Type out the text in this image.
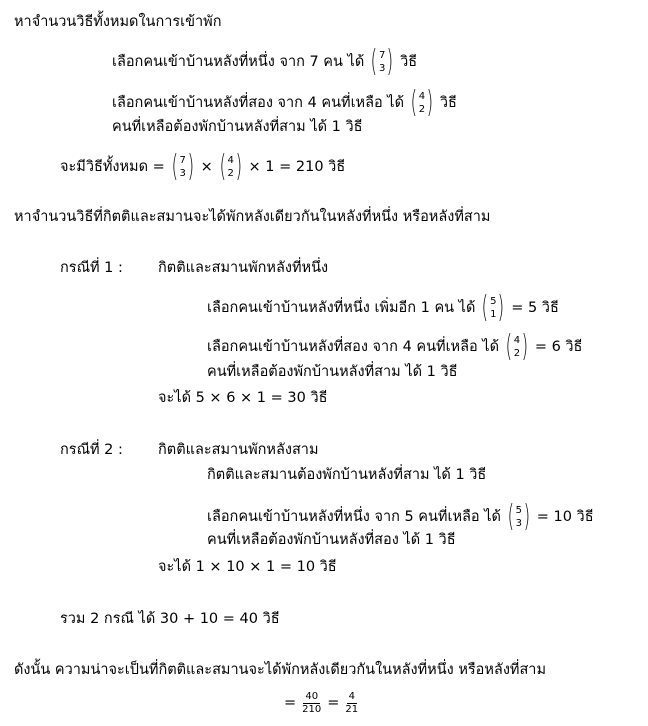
หาจำนวนวิธีทั้งหมดในการเข้าพัก
เลือกคนเข้าบ้านหลังที่หนึ่ง จาก 7 คน ได้ ( 7
3 ) วิธี
เลือกคนเข้าบ้านหลังที่สอง จาก 4 คนที่เหลือ ได้ ( 4
2 ) วิธี
คนที่เหลือต้องพักบ้านหลังที่สาม ได้ 1 วิธี
จะมีวิธีทั้งหมด = ( 7
3 ) × ( 4
2 ) × 1 = 210 วิธี
หาจำนวนวิธีที่กิตติและสมานจะได้พักหลังเดียวกันในหลังที่หนึ่ง หรือหลังที่สาม
กรณีที่ 1 : กิตติและสมานพักหลังที่หนึ่ง
เลือกคนเข้าบ้านหลังที่หนึ่ง เพิ่มอีก 1 คน ได้ ( 5
1 ) = 5 วิธี
เลือกคนเข้าบ้านหลังที่สอง จาก 4 คนที่เหลือ ได้ ( 4
2 ) = 6 วิธี
คนที่เหลือต้องพักบ้านหลังที่สาม ได้ 1 วิธี
จะได้ 5 × 6 × 1 = 30 วิธี
กรณีที่ 2 : กิตติและสมานพักหลังสาม
กิตติและสมานต้องพักบ้านหลังที่สาม ได้ 1 วิธี
เลือกคนเข้าบ้านหลังที่หนึ่ง จาก 5 คนที่เหลือ ได้ ( 5
3 ) = 10 วิธี
คนที่เหลือต้องพักบ้านหลังที่สอง ได้ 1 วิธี
จะได้ 1 × 10 × 1 = 10 วิธี
รวม 2 กรณี ได้ 30 + 10 = 40 วิธี
ดังนั้น ความน่าจะเป็นที่กิตติและสมานจะได้พักหลังเดียวกันในหลังที่หนึ่ง หรือหลังที่สาม
= $\frac{40}{210} = \frac{4}{21}$
